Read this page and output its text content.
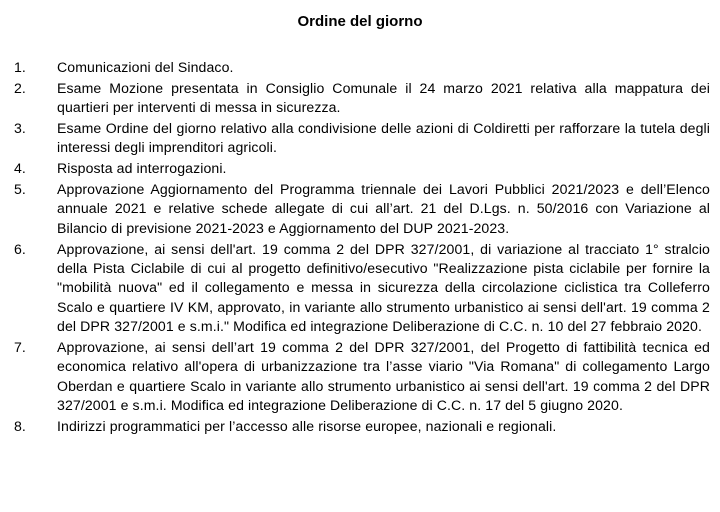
Ordine del giorno
1.	Comunicazioni del Sindaco.
2.	Esame Mozione presentata in Consiglio Comunale il 24 marzo 2021 relativa alla mappatura dei quartieri per interventi di messa in sicurezza.
3.	Esame Ordine del giorno relativo alla condivisione delle azioni di Coldiretti per rafforzare la tutela degli interessi degli imprenditori agricoli.
4.	Risposta ad interrogazioni.
5.	Approvazione Aggiornamento del Programma triennale dei Lavori Pubblici 2021/2023 e dell’Elenco annuale 2021 e relative schede allegate di cui all’art. 21 del D.Lgs. n. 50/2016 con Variazione al Bilancio di previsione 2021-2023 e Aggiornamento del DUP 2021-2023.
6.	Approvazione, ai sensi dell'art. 19 comma 2 del DPR 327/2001, di variazione al tracciato 1° stralcio della Pista Ciclabile di cui al progetto definitivo/esecutivo "Realizzazione pista ciclabile per fornire la "mobilità nuova" ed il collegamento e messa in sicurezza della circolazione ciclistica tra Colleferro Scalo e quartiere IV KM, approvato, in variante allo strumento urbanistico ai sensi dell'art. 19 comma 2 del DPR 327/2001 e s.m.i." Modifica ed integrazione Deliberazione di C.C. n. 10 del 27 febbraio 2020.
7.	Approvazione, ai sensi dell’art 19 comma 2 del DPR 327/2001, del Progetto di fattibilità tecnica ed economica relativo all'opera di urbanizzazione tra l’asse viario "Via Romana" di collegamento Largo Oberdan e quartiere Scalo in variante allo strumento urbanistico ai sensi dell'art. 19 comma 2 del DPR 327/2001 e s.m.i. Modifica ed integrazione Deliberazione di C.C. n. 17 del 5 giugno 2020.
8.	Indirizzi programmatici per l’accesso alle risorse europee, nazionali e regionali.
